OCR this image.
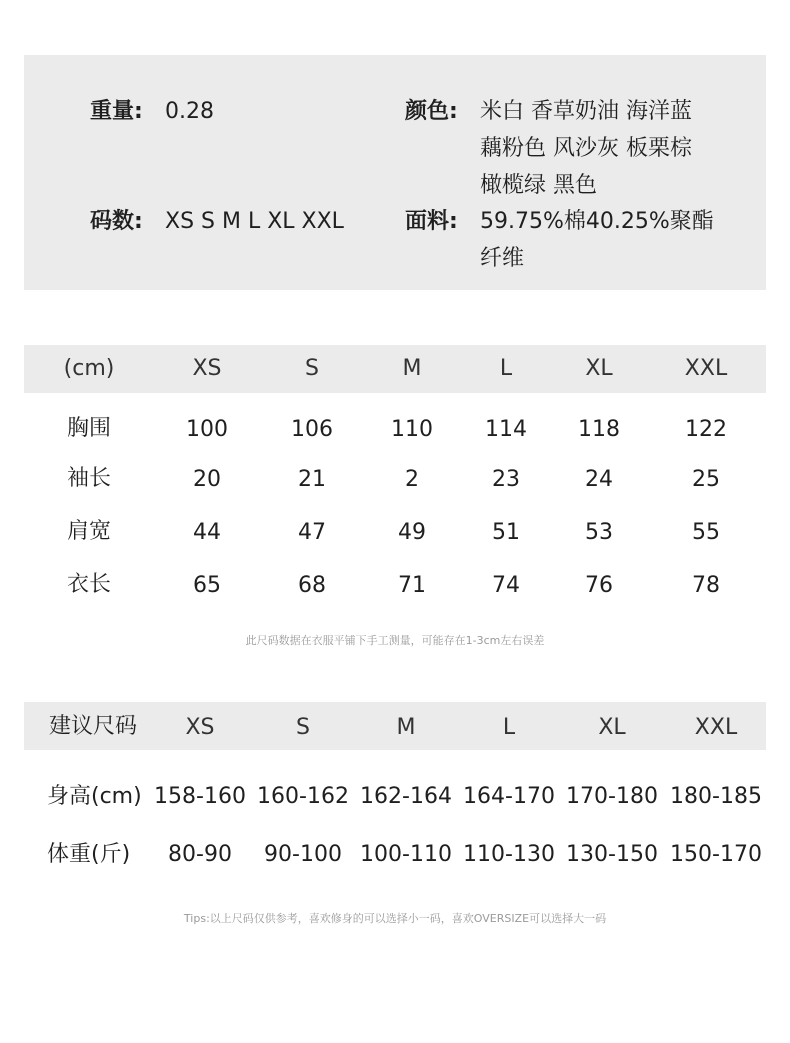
重量: 0.28	颜色: 米白 香草奶油 海洋蓝
藕粉色 风沙灰 板栗棕
橄榄绿 黑色
码数: XS S M L XL XXL	面料: 59.75%棉40.25%聚酯
纤维
(cm)	XS	S	M	L	XL	XXL
胸围	100	106	110 114 118	122
袖长	20	21	2	23	24	25
肩宽	44	47	49	51	53	55
衣长	65	68	71	74	76	78
此尺码数据在衣服平铺下手工测量，可能存在1-3cm左右误差
建议尺码 XS	S	M	L	XL	XXL
身高(cm) 158-160 160-162 162-164 164-170 170-180 180-185
体重(斤) 80-90 90-100 100-110 110-130 130-150 150-170
Tips:以上尺码仅供参考，喜欢修身的可以选择小一码，喜欢OVERSIZE可以选择大一码
